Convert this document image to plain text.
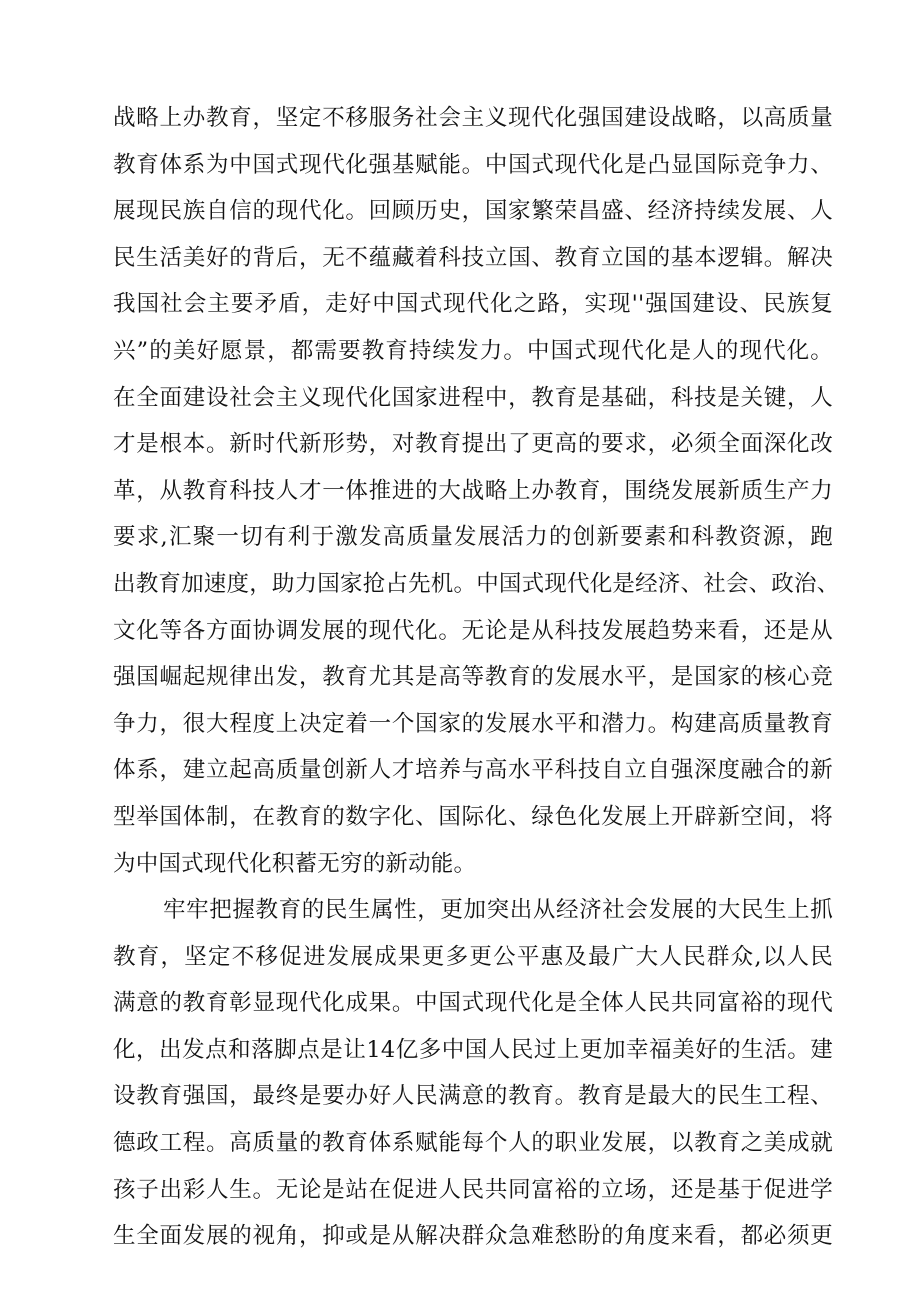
战略上办教育，坚定不移服务社会主义现代化强国建设战略，以高质量
教育体系为中国式现代化强基赋能。中国式现代化是凸显国际竞争力、
展现民族自信的现代化。回顾历史，国家繁荣昌盛、经济持续发展、人
民生活美好的背后，无不蕴藏着科技立国、教育立国的基本逻辑。解决
我国社会主要矛盾，走好中国式现代化之路，实现''强国建设、民族复
兴”的美好愿景，都需要教育持续发力。中国式现代化是人的现代化。
在全面建设社会主义现代化国家进程中，教育是基础，科技是关键，人
才是根本。新时代新形势，对教育提出了更高的要求，必须全面深化改
革，从教育科技人才一体推进的大战略上办教育，围绕发展新质生产力
要求,汇聚一切有利于激发高质量发展活力的创新要素和科教资源，跑
出教育加速度，助力国家抢占先机。中国式现代化是经济、社会、政治、
文化等各方面协调发展的现代化。无论是从科技发展趋势来看，还是从
强国崛起规律出发，教育尤其是高等教育的发展水平，是国家的核心竞
争力，很大程度上决定着一个国家的发展水平和潜力。构建高质量教育
体系，建立起高质量创新人才培养与高水平科技自立自强深度融合的新
型举国体制，在教育的数字化、国际化、绿色化发展上开辟新空间，将
为中国式现代化积蓄无穷的新动能。
牢牢把握教育的民生属性，更加突出从经济社会发展的大民生上抓
教育，坚定不移促进发展成果更多更公平惠及最广大人民群众,以人民
满意的教育彰显现代化成果。中国式现代化是全体人民共同富裕的现代
化，出发点和落脚点是让14亿多中国人民过上更加幸福美好的生活。建
设教育强国，最终是要办好人民满意的教育。教育是最大的民生工程、
德政工程。高质量的教育体系赋能每个人的职业发展，以教育之美成就
孩子出彩人生。无论是站在促进人民共同富裕的立场，还是基于促进学
生全面发展的视角，抑或是从解决群众急难愁盼的角度来看，都必须更
